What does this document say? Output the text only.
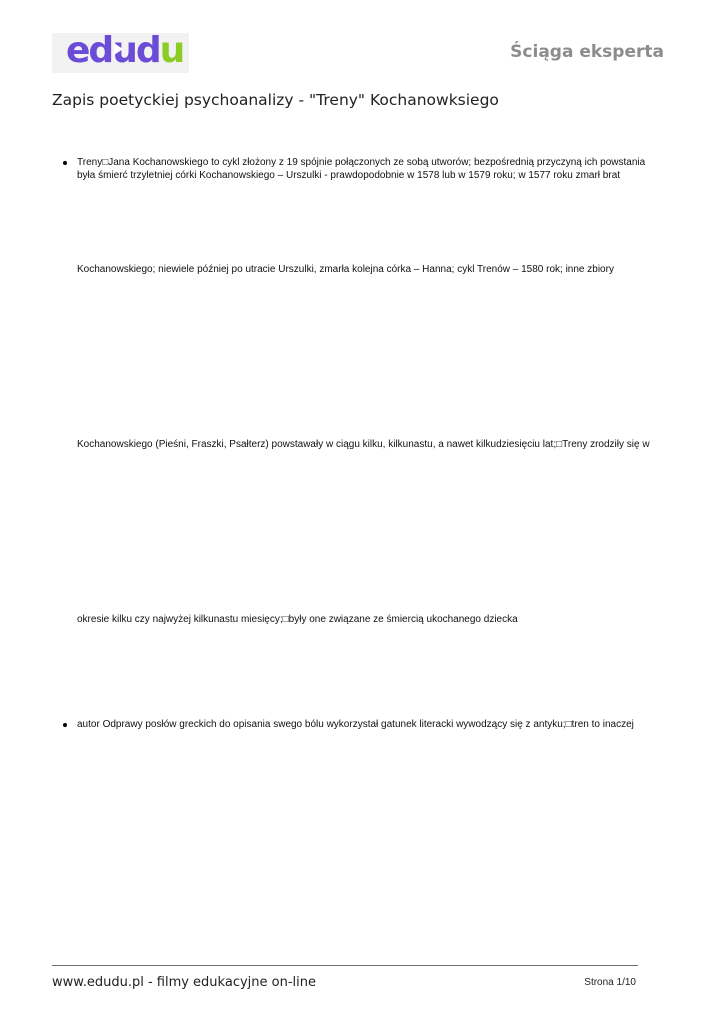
edudu	Ściąga eksperta
Zapis poetyckiej psychoanalizy - "Treny" Kochanowksiego
Treny□Jana Kochanowskiego to cykl złożony z 19 spójnie połączonych ze sobą utworów; bezpośrednią przyczyną ich powstania
była śmierć trzyletniej córki Kochanowskiego – Urszulki - prawdopodobnie w 1578 lub w 1579 roku; w 1577 roku zmarł brat
Kochanowskiego; niewiele później po utracie Urszulki, zmarła kolejna córka – Hanna; cykl Trenów – 1580 rok; inne zbiory
Kochanowskiego (Pieśni, Fraszki, Psałterz) powstawały w ciągu kilku, kilkunastu, a nawet kilkudziesięciu lat;□Treny zrodziły się w
okresie kilku czy najwyżej kilkunastu miesięcy;□były one związane ze śmiercią ukochanego dziecka
autor Odprawy posłów greckich do opisania swego bólu wykorzystał gatunek literacki wywodzący się z antyku;□tren to inaczej
www.edudu.pl - filmy edukacyjne on-line	Strona 1/10
